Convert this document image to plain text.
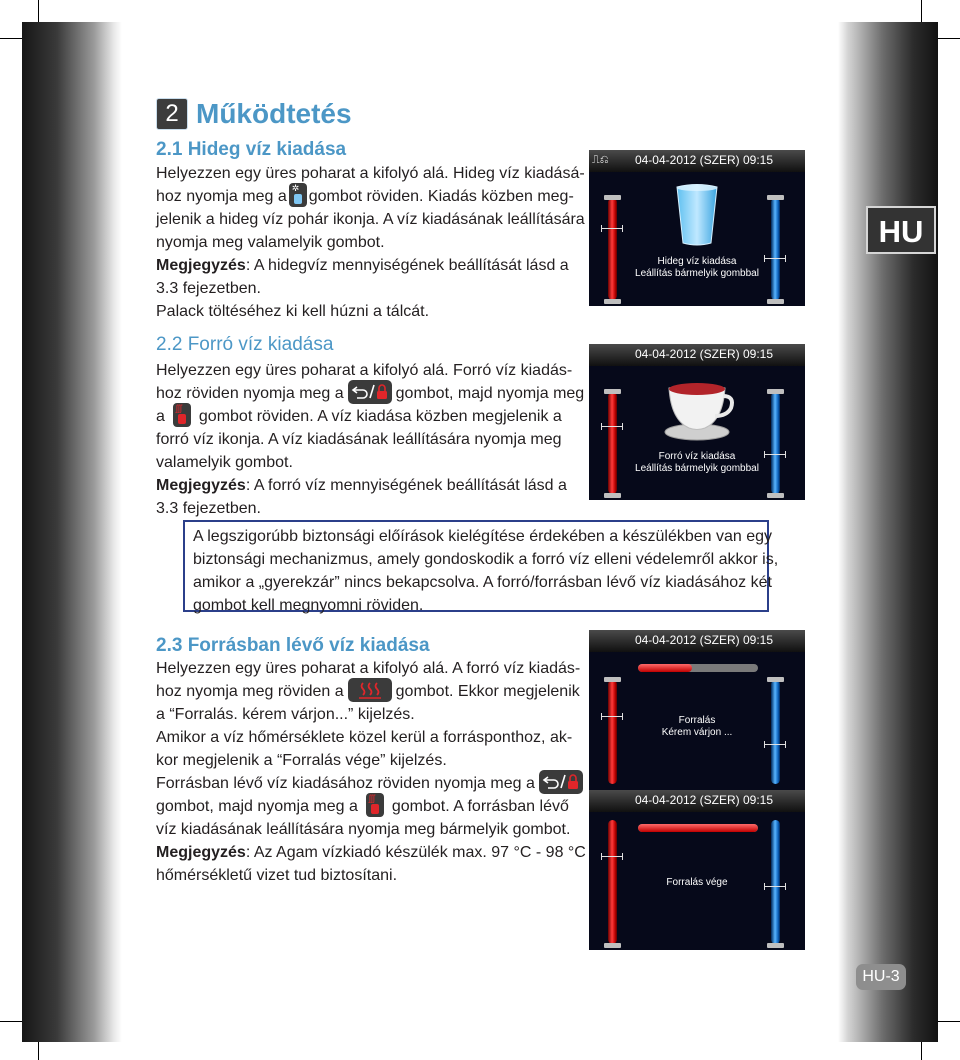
HU
HU-3
2 Működtetés
2.1 Hideg víz kiadása
Helyezzen egy üres poharat a kifolyó alá. Hideg víz kiadásá-
hoz nyomja meg a
✲
gombot röviden. Kiadás közben meg-
jelenik a hideg víz pohár ikonja. A víz kiadásának leállítására
nyomja meg valamelyik gombot.
Megjegyzés: A hidegvíz mennyiségének beállítását lásd a
3.3 fejezetben.
Palack töltéséhez ki kell húzni a tálcát.
2.2 Forró víz kiadása
Helyezzen egy üres poharat a kifolyó alá. Forró víz kiadás-
hoz röviden nyomja meg a	gombot, majd nyomja meg
a
ʃʃʃ
gombot röviden. A víz kiadása közben megjelenik a
forró víz ikonja. A víz kiadásának leállítására nyomja meg
valamelyik gombot.
Megjegyzés: A forró víz mennyiségének beállítását lásd a
3.3 fejezetben.
A legszigorúbb biztonsági előírások kielégítése érdekében a készülékben van egy
biztonsági mechanizmus, amely gondoskodik a forró víz elleni védelemről akkor is,
amikor a „gyerekzár” nincs bekapcsolva. A forró/forrásban lévő víz kiadásához két
gombot kell megnyomni röviden.
2.3 Forrásban lévő víz kiadása
Helyezzen egy üres poharat a kifolyó alá. A forró víz kiadás-
hoz nyomja meg röviden a	gombot. Ekkor megjelenik
a “Forralás. kérem várjon...” kijelzés.
Amikor a víz hőmérséklete közel kerül a forrásponthoz, ak-
kor megjelenik a “Forralás vége” kijelzés.
Forrásban lévő víz kiadásához röviden nyomja meg a
gombot, majd nyomja meg a
ʃʃʃ
gombot. A forrásban lévő
víz kiadásának leállítására nyomja meg bármelyik gombot.
Megjegyzés: Az Agam vízkiadó készülék max. 97 °C - 98 °C
hőmérsékletű vizet tud biztosítani.
⎍⎌	04-04-2012 (SZER) 09:15
Hideg víz kiadása
Leállítás bármelyik gombbal
04-04-2012 (SZER) 09:15
Forró víz kiadása
Leállítás bármelyik gombbal
04-04-2012 (SZER) 09:15
Forralás
Kérem várjon ...
04-04-2012 (SZER) 09:15
Forralás vége
